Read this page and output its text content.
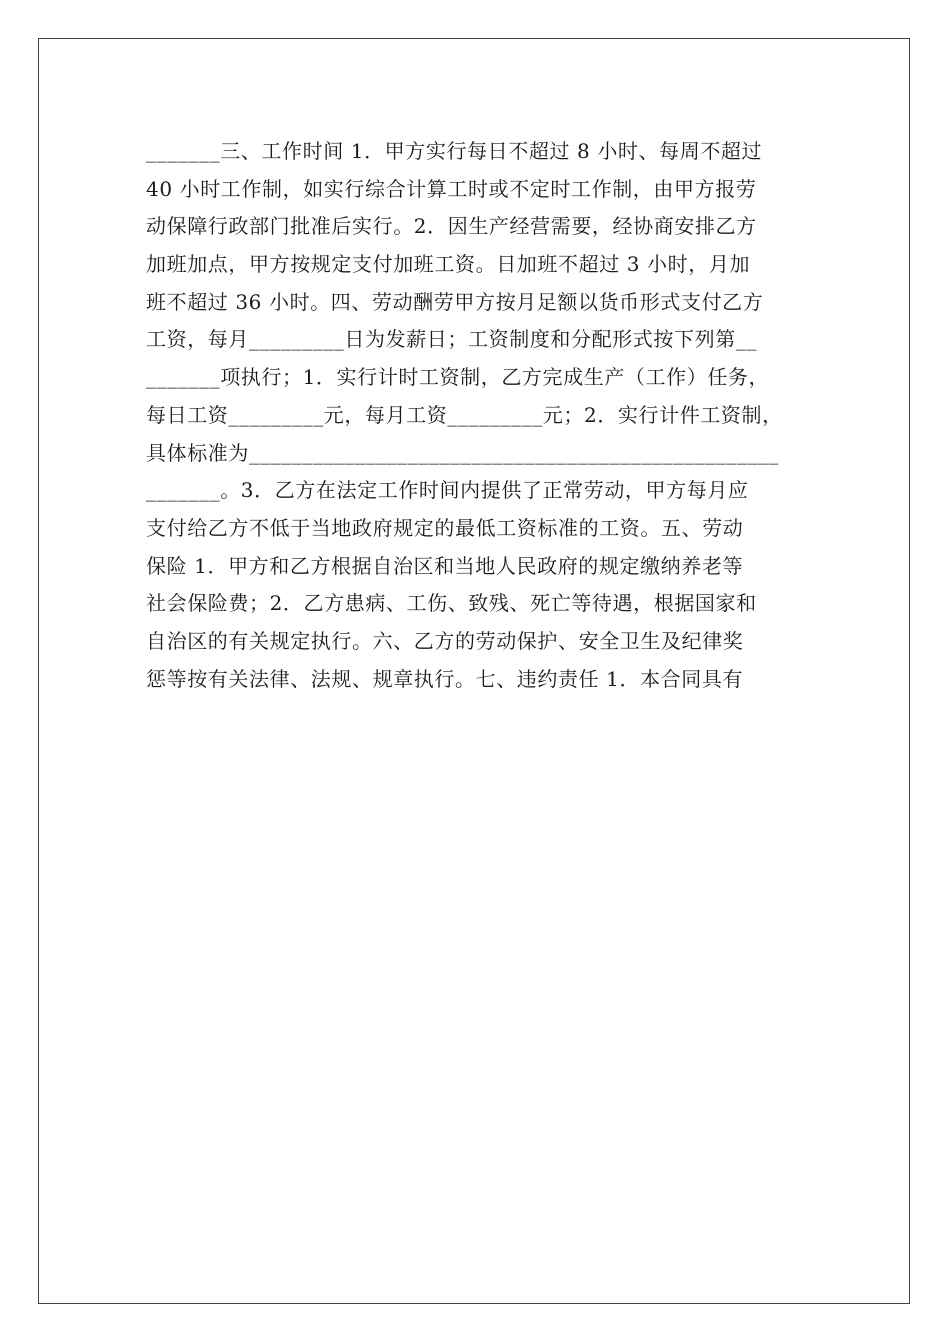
_______三、工作时间 1．甲方实行每日不超过 8 小时、每周不超过
40 小时工作制，如实行综合计算工时或不定时工作制，由甲方报劳
动保障行政部门批准后实行。2．因生产经营需要，经协商安排乙方
加班加点，甲方按规定支付加班工资。日加班不超过 3 小时，月加
班不超过 36 小时。四、劳动酬劳甲方按月足额以货币形式支付乙方
工资，每月_________日为发薪日；工资制度和分配形式按下列第__
_______项执行；1．实行计时工资制，乙方完成生产（工作）任务，
每日工资_________元，每月工资_________元；2．实行计件工资制，
具体标准为__________________________________________________
_______。3．乙方在法定工作时间内提供了正常劳动，甲方每月应
支付给乙方不低于当地政府规定的最低工资标准的工资。五、劳动
保险 1．甲方和乙方根据自治区和当地人民政府的规定缴纳养老等
社会保险费；2．乙方患病、工伤、致残、死亡等待遇，根据国家和
自治区的有关规定执行。六、乙方的劳动保护、安全卫生及纪律奖
惩等按有关法律、法规、规章执行。七、违约责任 1．本合同具有
